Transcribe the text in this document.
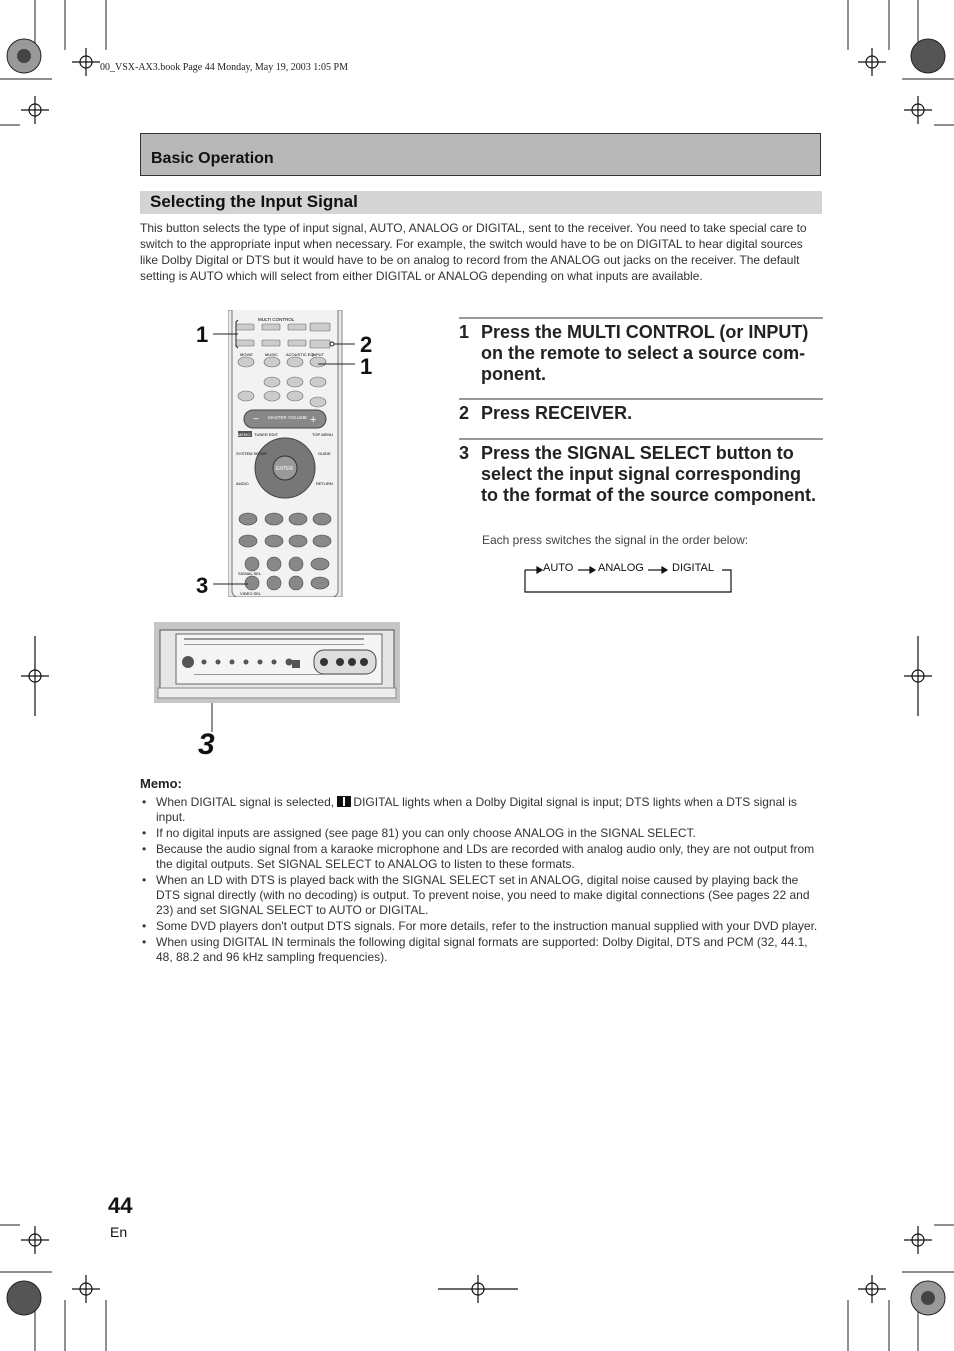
00_VSX-AX3.book Page 44 Monday, May 19, 2003 1:05 PM
Basic Operation
Selecting the Input Signal
This button selects the type of input signal, AUTO, ANALOG or DIGITAL, sent to the receiver. You need to take special care to switch to the appropriate input when necessary. For example, the switch would have to be on DIGITAL to hear digital sources like Dolby Digital or DTS but it would have to be on analog to record from the ANALOG out jacks on the receiver. The default setting is AUTO which will select from either DIGITAL or ANALOG depending on what inputs are available.
MULTI CONTROL
MOVIE	MUSIC ACOUSTIC EQ
INPUT
−	+
MASTER VOLUME
MEMO TUNER EDIT	TOP MENU
ENTER
SYSTEM SETUP	GUIDE
AUDIO	RETURN
SIGNAL SEL
VIDEO SEL
1	2
1
3
3
1 Press the MULTI CONTROL (or INPUT) on the remote to select a source com-ponent.
2 Press RECEIVER.
3 Press the SIGNAL SELECT button to select the input signal corresponding to the format of the source component.
Each press switches the signal in the order below:
AUTO ANALOG	DIGITAL
Memo:
• When DIGITAL signal is selected, DIGITAL lights when a Dolby Digital signal is input; DTS lights when a DTS signal is input.
• If no digital inputs are assigned (see page 81) you can only choose ANALOG in the SIGNAL SELECT.
• Because the audio signal from a karaoke microphone and LDs are recorded with analog audio only, they are not output from the digital outputs. Set SIGNAL SELECT to ANALOG to listen to these formats.
• When an LD with DTS is played back with the SIGNAL SELECT set in ANALOG, digital noise caused by playing back the DTS signal directly (with no decoding) is output. To prevent noise, you need to make digital connections (See pages 22 and 23) and set SIGNAL SELECT to AUTO or DIGITAL.
• Some DVD players don't output DTS signals. For more details, refer to the instruction manual supplied with your DVD player.
• When using DIGITAL IN terminals the following digital signal formats are supported: Dolby Digital, DTS and PCM (32, 44.1, 48, 88.2 and 96 kHz sampling frequencies).
44
En
